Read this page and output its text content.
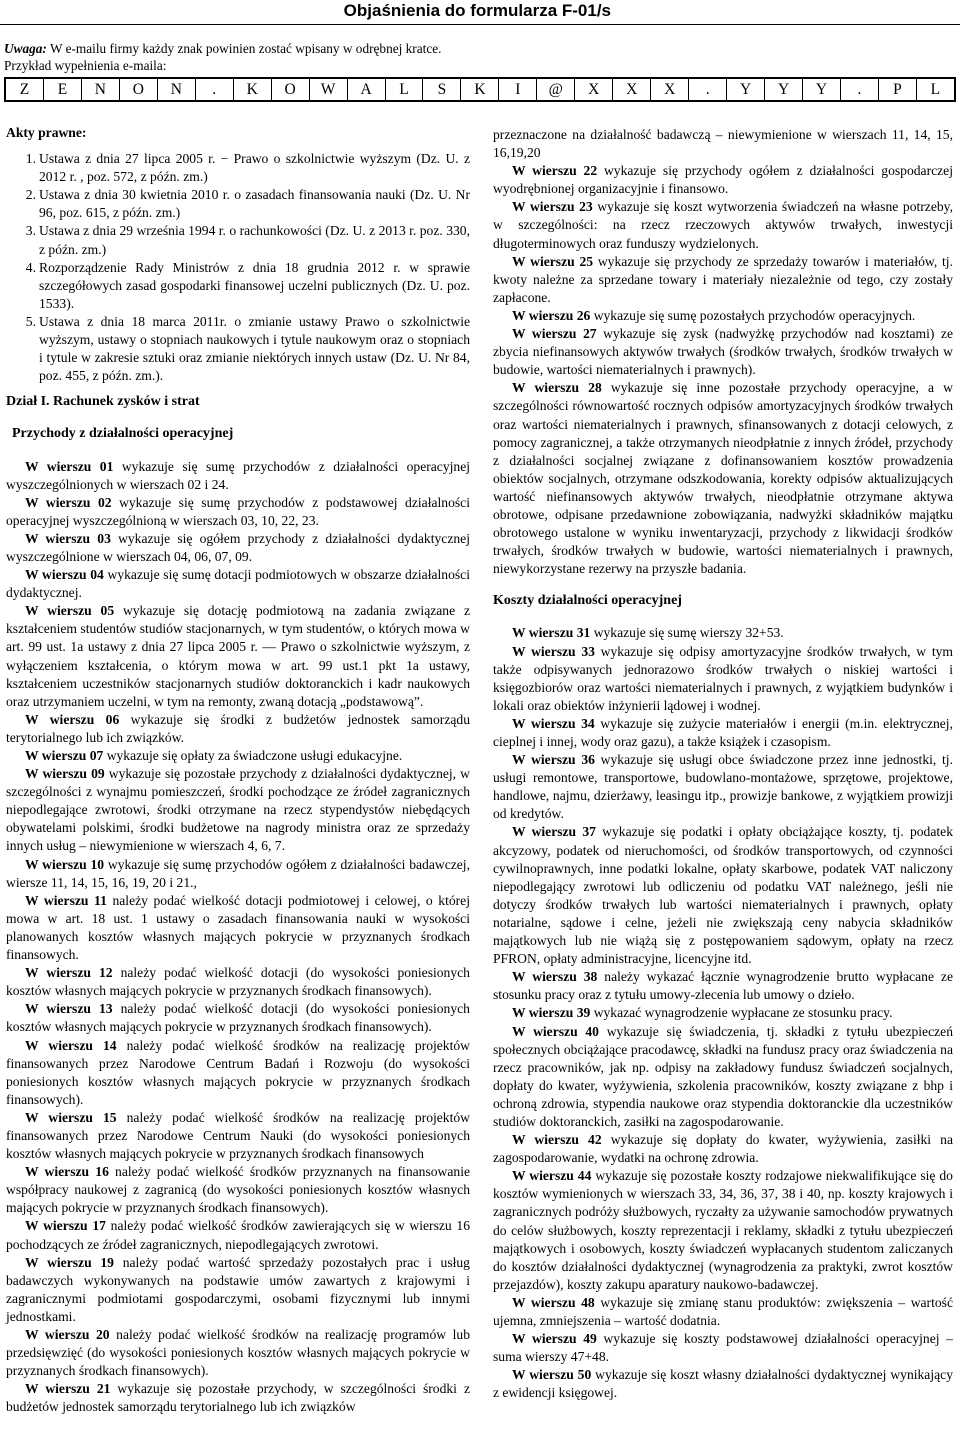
Objaśnienia do formularza F-01/s
Uwaga: W e-mailu firmy każdy znak powinien zostać wpisany w odrębnej kratce.
Przykład wypełnienia e-maila:
Z	E	N	O	N	.	K	O	W	A	L	S	K	I	@	X	X	X	.	Y	Y	Y	.	P	L
Akty prawne:
1. Ustawa z dnia 27 lipca 2005 r. − Prawo o szkolnictwie wyższym (Dz. U. z 2012 r. , poz. 572, z późn. zm.)
2. Ustawa z dnia 30 kwietnia 2010 r. o zasadach finansowania nauki (Dz. U. Nr 96, poz. 615, z późn. zm.)
3. Ustawa z dnia 29 września 1994 r. o rachunkowości (Dz. U. z 2013 r. poz. 330, z późn. zm.)
4. Rozporządzenie Rady Ministrów z dnia 18 grudnia 2012 r. w sprawie szczegółowych zasad gospodarki finansowej uczelni publicznych (Dz. U. poz. 1533).
5. Ustawa z dnia 18 marca 2011r. o zmianie ustawy Prawo o szkolnictwie wyższym, ustawy o stopniach naukowych i tytule naukowym oraz o stopniach i tytule w zakresie sztuki oraz zmianie niektórych innych ustaw (Dz. U. Nr 84, poz. 455, z późn. zm.).
Dział I. Rachunek zysków i strat
Przychody z działalności operacyjnej

W wierszu 01 wykazuje się sumę przychodów z działalności operacyjnej wyszczególnionych w wierszach 02 i 24.

W wierszu 02 wykazuje się sumę przychodów z podstawowej działalności operacyjnej wyszczególnioną w wierszach 03, 10, 22, 23.

W wierszu 03 wykazuje się ogółem przychody z działalności dydaktycznej wyszczególnione w wierszach 04, 06, 07, 09.

W wierszu 04 wykazuje się sumę dotacji podmiotowych w obszarze działalności dydaktycznej.

W wierszu 05 wykazuje się dotację podmiotową na zadania związane z kształceniem studentów studiów stacjonarnych, w tym studentów, o których mowa w art. 99 ust. 1a ustawy z dnia 27 lipca 2005 r. — Prawo o szkolnictwie wyższym, z wyłączeniem kształcenia, o którym mowa w art. 99 ust.1 pkt 1a ustawy, kształceniem uczestników stacjonarnych studiów doktoranckich i kadr naukowych oraz utrzymaniem uczelni, w tym na remonty, zwaną dotacją „podstawową”.

W wierszu 06 wykazuje się środki z budżetów jednostek samorządu terytorialnego lub ich związków.

W wierszu 07 wykazuje się opłaty za świadczone usługi edukacyjne.

W wierszu 09 wykazuje się pozostałe przychody z działalności dydaktycznej, w szczególności z wynajmu pomieszczeń, środki pochodzące ze źródeł zagranicznych niepodlegające zwrotowi, środki otrzymane na rzecz stypendystów niebędących obywatelami polskimi, środki budżetowe na nagrody ministra oraz ze sprzedaży innych usług – niewymienione w wierszach 4, 6, 7.

W wierszu 10 wykazuje się sumę przychodów ogółem z działalności badawczej, wiersze 11, 14, 15, 16, 19, 20 i 21.,

W wierszu 11 należy podać wielkość dotacji podmiotowej i celowej, o której mowa w art. 18 ust. 1 ustawy o zasadach finansowania nauki w wysokości planowanych kosztów własnych mających pokrycie w przyznanych środkach finansowych.

W wierszu 12 należy podać wielkość dotacji (do wysokości poniesionych kosztów własnych mających pokrycie w przyznanych środkach finansowych).

W wierszu 13 należy podać wielkość dotacji (do wysokości poniesionych kosztów własnych mających pokrycie w przyznanych środkach finansowych).

W wierszu 14 należy podać wielkość środków na realizację projektów finansowanych przez Narodowe Centrum Badań i Rozwoju (do wysokości poniesionych kosztów własnych mających pokrycie w przyznanych środkach finansowych).

W wierszu 15 należy podać wielkość środków na realizację projektów finansowanych przez Narodowe Centrum Nauki (do wysokości poniesionych kosztów własnych mających pokrycie w przyznanych środkach finansowych

W wierszu 16 należy podać wielkość środków przyznanych na finansowanie współpracy naukowej z zagranicą (do wysokości poniesionych kosztów własnych mających pokrycie w przyznanych środkach finansowych).

W wierszu 17 należy podać wielkość środków zawierających się w wierszu 16 pochodzących ze źródeł zagranicznych, niepodlegających zwrotowi.

W wierszu 19 należy podać wartość sprzedaży pozostałych prac i usług badawczych wykonywanych na podstawie umów zawartych z krajowymi i zagranicznymi podmiotami gospodarczymi, osobami fizycznymi lub innymi jednostkami.

W wierszu 20 należy podać wielkość środków na realizację programów lub przedsięwzięć (do wysokości poniesionych kosztów własnych mających pokrycie w przyznanych środkach finansowych).

W wierszu 21 wykazuje się pozostałe przychody, w szczególności środki z budżetów jednostek samorządu terytorialnego lub ich związków

przeznaczone na działalność badawczą – niewymienione w wierszach 11, 14, 15, 16,19,20

W wierszu 22 wykazuje się przychody ogółem z działalności gospodarczej wyodrębnionej organizacyjnie i finansowo.

W wierszu 23 wykazuje się koszt wytworzenia świadczeń na własne potrzeby, w szczególności: na rzecz rzeczowych aktywów trwałych, inwestycji długoterminowych oraz funduszy wydzielonych.

W wierszu 25 wykazuje się przychody ze sprzedaży towarów i materiałów, tj. kwoty należne za sprzedane towary i materiały niezależnie od tego, czy zostały zapłacone.

W wierszu 26 wykazuje się sumę pozostałych przychodów operacyjnych.

W wierszu 27 wykazuje się zysk (nadwyżkę przychodów nad kosztami) ze zbycia niefinansowych aktywów trwałych (środków trwałych, środków trwałych w budowie, wartości niematerialnych i prawnych).

W wierszu 28 wykazuje się inne pozostałe przychody operacyjne, a w szczególności równowartość rocznych odpisów amortyzacyjnych środków trwałych oraz wartości niematerialnych i prawnych, sfinansowanych z dotacji celowych, z pomocy zagranicznej, a także otrzymanych nieodpłatnie z innych źródeł, przychody z działalności socjalnej związane z dofinansowaniem kosztów prowadzenia obiektów socjalnych, otrzymane odszkodowania, korekty odpisów aktualizujących wartość niefinansowych aktywów trwałych, nieodpłatnie otrzymane aktywa obrotowe, odpisane przedawnione zobowiązania, nadwyżki składników majątku obrotowego ustalone w wyniku inwentaryzacji, przychody z likwidacji środków trwałych, środków trwałych w budowie, wartości niematerialnych i prawnych, niewykorzystane rezerwy na przyszłe badania.

Koszty działalności operacyjnej

W wierszu 31 wykazuje się sumę wierszy 32+53.

W wierszu 33 wykazuje się odpisy amortyzacyjne środków trwałych, w tym także odpisywanych jednorazowo środków trwałych o niskiej wartości i księgozbiorów oraz wartości niematerialnych i prawnych, z wyjątkiem budynków i lokali oraz obiektów inżynierii lądowej i wodnej.

W wierszu 34 wykazuje się zużycie materiałów i energii (m.in. elektrycznej, cieplnej i innej, wody oraz gazu), a także książek i czasopism.

W wierszu 36 wykazuje się usługi obce świadczone przez inne jednostki, tj. usługi remontowe, transportowe, budowlano-montażowe, sprzętowe, projektowe, handlowe, najmu, dzierżawy, leasingu itp., prowizje bankowe, z wyjątkiem prowizji od kredytów.

W wierszu 37 wykazuje się podatki i opłaty obciążające koszty, tj. podatek akcyzowy, podatek od nieruchomości, od środków transportowych, od czynności cywilnoprawnych, inne podatki lokalne, opłaty skarbowe, podatek VAT naliczony niepodlegający zwrotowi lub odliczeniu od podatku VAT należnego, jeśli nie dotyczy środków trwałych lub wartości niematerialnych i prawnych, opłaty notarialne, sądowe i celne, jeżeli nie zwiększają ceny nabycia składników majątkowych lub nie wiążą się z postępowaniem sądowym, opłaty na rzecz PFRON, opłaty administracyjne, licencyjne itd.

W wierszu 38 należy wykazać łącznie wynagrodzenie brutto wypłacane ze stosunku pracy oraz z tytułu umowy-zlecenia lub umowy o dzieło.

W wierszu 39 wykazać wynagrodzenie wypłacane ze stosunku pracy.

W wierszu 40 wykazuje się świadczenia, tj. składki z tytułu ubezpieczeń społecznych obciążające pracodawcę, składki na fundusz pracy oraz świadczenia na rzecz pracowników, jak np. odpisy na zakładowy fundusz świadczeń socjalnych, dopłaty do kwater, wyżywienia, szkolenia pracowników, koszty związane z bhp i ochroną zdrowia, stypendia naukowe oraz stypendia doktoranckie dla uczestników studiów doktoranckich, zasiłki na zagospodarowanie.

W wierszu 42 wykazuje się dopłaty do kwater, wyżywienia, zasiłki na zagospodarowanie, wydatki na ochronę zdrowia.

W wierszu 44 wykazuje się pozostałe koszty rodzajowe niekwalifikujące się do kosztów wymienionych w wierszach 33, 34, 36, 37, 38 i 40, np. koszty krajowych i zagranicznych podróży służbowych, ryczałty za używanie samochodów prywatnych do celów służbowych, koszty reprezentacji i reklamy, składki z tytułu ubezpieczeń majątkowych i osobowych, koszty świadczeń wypłacanych studentom zaliczanych do kosztów działalności dydaktycznej (wynagrodzenia za praktyki, zwrot kosztów przejazdów), koszty zakupu aparatury naukowo-badawczej.

W wierszu 48 wykazuje się zmianę stanu produktów: zwiększenia – wartość ujemna, zmniejszenia – wartość dodatnia.

W wierszu 49 wykazuje się koszty podstawowej działalności operacyjnej – suma wierszy 47+48.

W wierszu 50 wykazuje się koszt własny działalności dydaktycznej wynikający z ewidencji księgowej.
